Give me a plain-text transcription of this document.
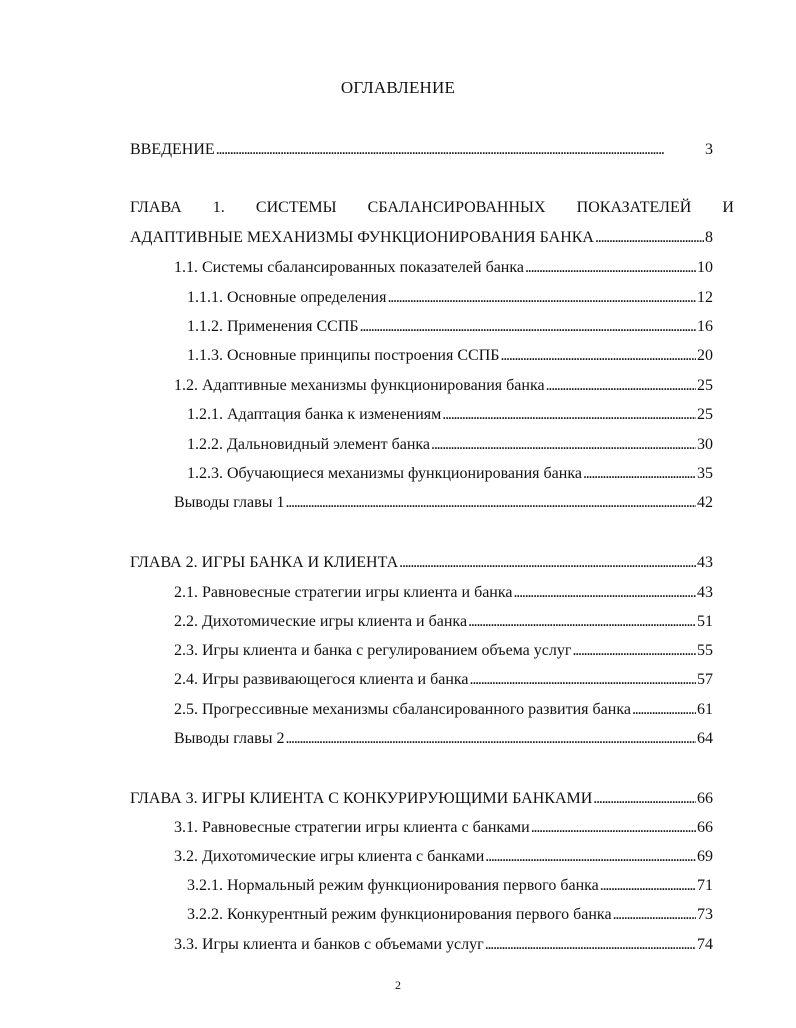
ОГЛАВЛЕНИЕ
ВВЕДЕНИЕ . . .	3
ГЛАВА 1. СИСТЕМЫ СБАЛАНСИРОВАННЫХ ПОКАЗАТЕЛЕЙ И
АДАПТИВНЫЕ МЕХАНИЗМЫ ФУНКЦИОНИРОВАНИЯ БАНКА . . .	8
1.1. Системы сбалансированных показателей банка . . .	10
1.1.1. Основные определения . . .	12
1.1.2. Применения ССПБ . . .	16
1.1.3. Основные принципы построения ССПБ . . .	20
1.2. Адаптивные механизмы функционирования банка . . .	25
1.2.1. Адаптация банка к изменениям . . .	25
1.2.2. Дальновидный элемент банка . . .	30
1.2.3. Обучающиеся механизмы функционирования банка . . .	35
Выводы главы 1 . . .	42
ГЛАВА 2. ИГРЫ БАНКА И КЛИЕНТА . . .	43
2.1. Равновесные стратегии игры клиента и банка . . .	43
2.2. Дихотомические игры клиента и банка . . .	51
2.3. Игры клиента и банка с регулированием объема услуг . . .	55
2.4. Игры развивающегося клиента и банка . . .	57
2.5. Прогрессивные механизмы сбалансированного развития банка . . .	61
Выводы главы 2 . . .	64
ГЛАВА 3. ИГРЫ КЛИЕНТА С КОНКУРИРУЮЩИМИ БАНКАМИ . . .	66
3.1. Равновесные стратегии игры клиента с банками . . .	66
3.2. Дихотомические игры клиента с банками . . .	69
3.2.1. Нормальный режим функционирования первого банка . . .	71
3.2.2. Конкурентный режим функционирования первого банка . . .	73
3.3. Игры клиента и банков с объемами услуг . . .	74
2
